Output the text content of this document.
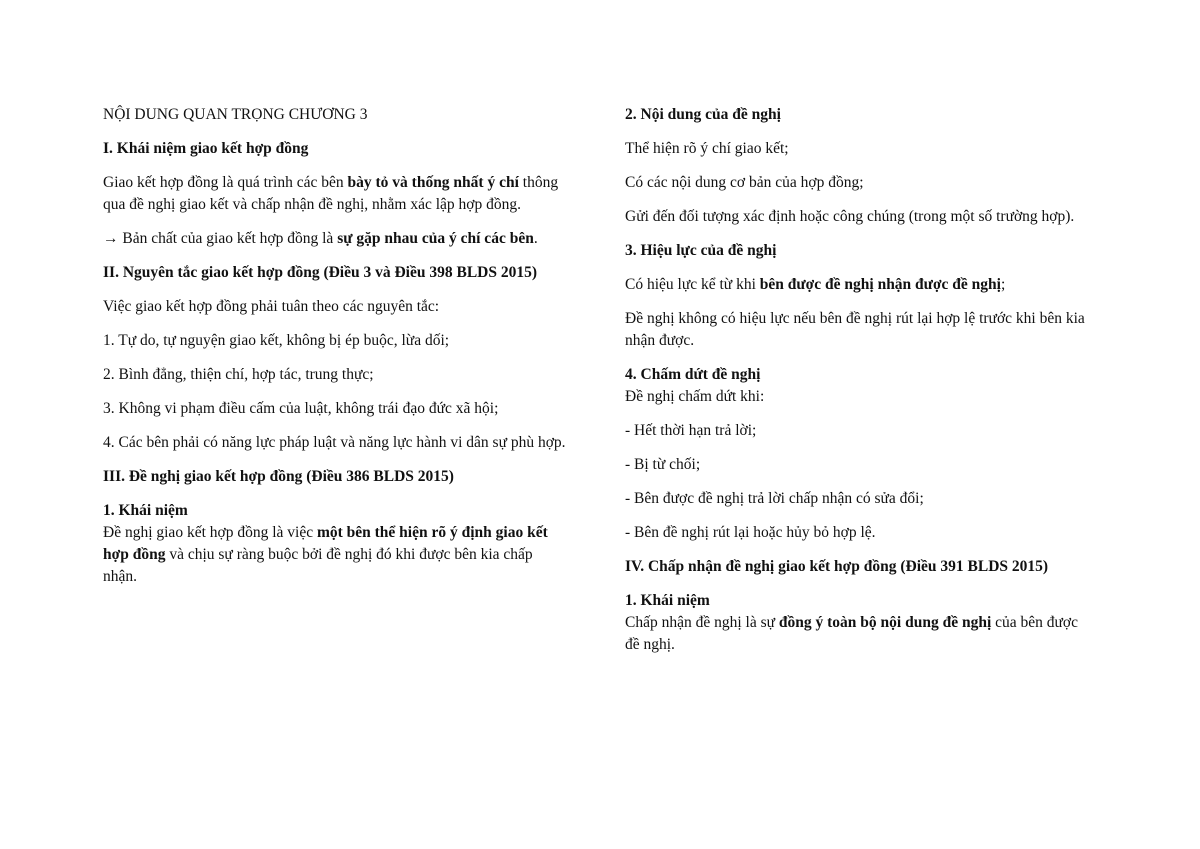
NỘI DUNG QUAN TRỌNG CHƯƠNG 3

I. Khái niệm giao kết hợp đồng

Giao kết hợp đồng là quá trình các bên bày tỏ và thống nhất ý chí thông qua đề nghị giao kết và chấp nhận đề nghị, nhằm xác lập hợp đồng.

→ Bản chất của giao kết hợp đồng là sự gặp nhau của ý chí các bên.

II. Nguyên tắc giao kết hợp đồng (Điều 3 và Điều 398 BLDS 2015)

Việc giao kết hợp đồng phải tuân theo các nguyên tắc:

1. Tự do, tự nguyện giao kết, không bị ép buộc, lừa dối;

2. Bình đẳng, thiện chí, hợp tác, trung thực;

3. Không vi phạm điều cấm của luật, không trái đạo đức xã hội;

4. Các bên phải có năng lực pháp luật và năng lực hành vi dân sự phù hợp.

III. Đề nghị giao kết hợp đồng (Điều 386 BLDS 2015)

1. Khái niệm

Đề nghị giao kết hợp đồng là việc một bên thể hiện rõ ý định giao kết hợp đồng và chịu sự ràng buộc bởi đề nghị đó khi được bên kia chấp nhận.

2. Nội dung của đề nghị

Thể hiện rõ ý chí giao kết;

Có các nội dung cơ bản của hợp đồng;

Gửi đến đối tượng xác định hoặc công chúng (trong một số trường hợp).

3. Hiệu lực của đề nghị

Có hiệu lực kể từ khi bên được đề nghị nhận được đề nghị;

Đề nghị không có hiệu lực nếu bên đề nghị rút lại hợp lệ trước khi bên kia nhận được.

4. Chấm dứt đề nghị

Đề nghị chấm dứt khi:

- Hết thời hạn trả lời;

- Bị từ chối;

- Bên được đề nghị trả lời chấp nhận có sửa đổi;

- Bên đề nghị rút lại hoặc hủy bỏ hợp lệ.

IV. Chấp nhận đề nghị giao kết hợp đồng (Điều 391 BLDS 2015)

1. Khái niệm

Chấp nhận đề nghị là sự đồng ý toàn bộ nội dung đề nghị của bên được đề nghị.
